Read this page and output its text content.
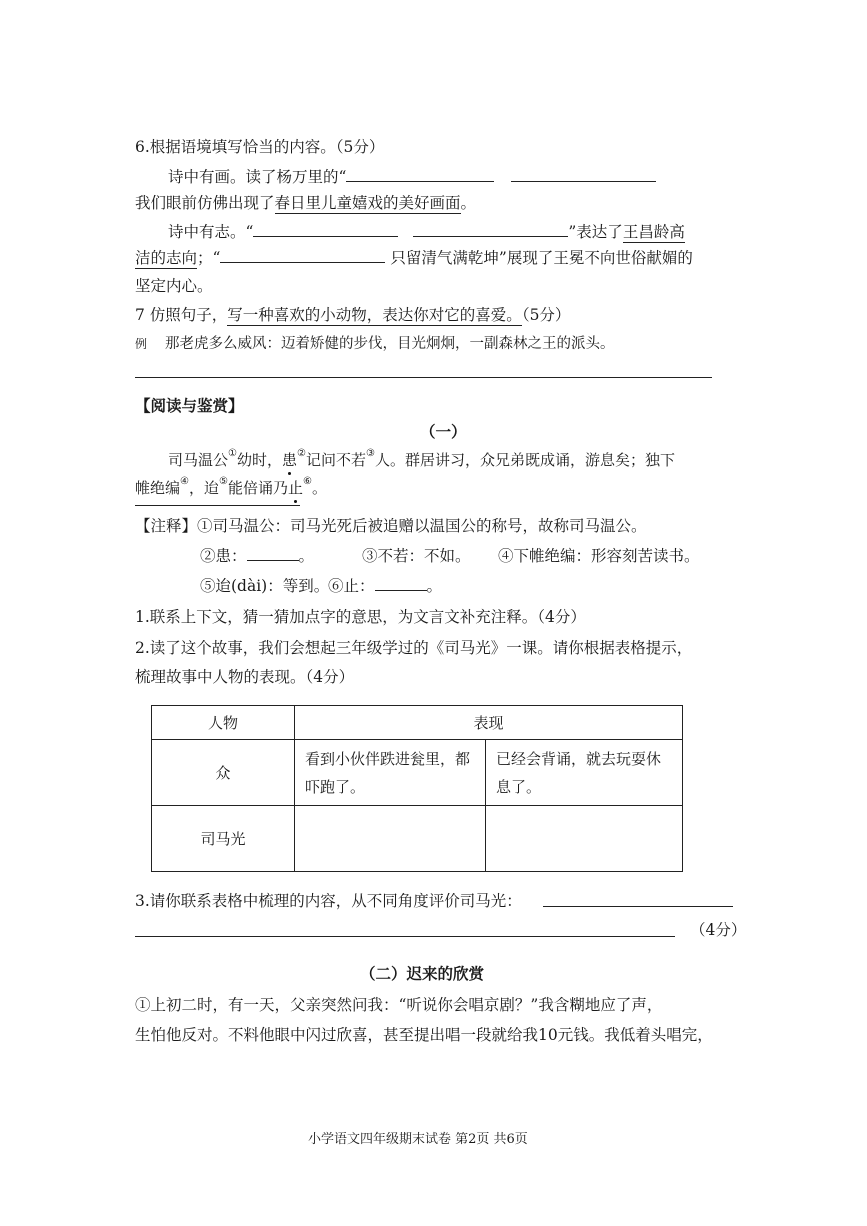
6.根据语境填写恰当的内容。（5分）
诗中有画。读了杨万里的“
我们眼前仿佛出现了春日里儿童嬉戏的美好画面。
诗中有志。“	”表达了王昌龄高
洁的志向；“	只留清气满乾坤”展现了王冕不向世俗献媚的
坚定内心。
7 仿照句子，写一种喜欢的小动物，表达你对它的喜爱。（5分）
例 那老虎多么威风：迈着矫健的步伐，目光炯炯，一副森林之王的派头。
【阅读与鉴赏】
（一）
司马温公①幼时，患②记问不若③人。群居讲习，众兄弟既成诵，游息矣；独下
帷绝编④，迨⑤能倍诵乃止⑥。
【注释】①司马温公：司马光死后被追赠以温国公的称号，故称司马温公。
②患：	。	③不若：不如。 ④下帷绝编：形容刻苦读书。
⑤迨(dài)：等到。
⑥止：	。
1.联系上下文，猜一猜加点字的意思，为文言文补充注释。（4分）
2.读了这个故事，我们会想起三年级学过的《司马光》一课。请你根据表格提示，
梳理故事中人物的表现。（4分）
人物	表现	
众	看到小伙伴跌进瓮里，都吓跑了。	已经会背诵，就去玩耍休息了。
司马光		
3.请你联系表格中梳理的内容，从不同角度评价司马光：
（4分）
（二）迟来的欣赏
①上初二时，有一天，父亲突然问我：“听说你会唱京剧？”我含糊地应了声，
生怕他反对。不料他眼中闪过欣喜，甚至提出唱一段就给我10元钱。我低着头唱完，
小学语文四年级期末试卷 第2页 共6页
